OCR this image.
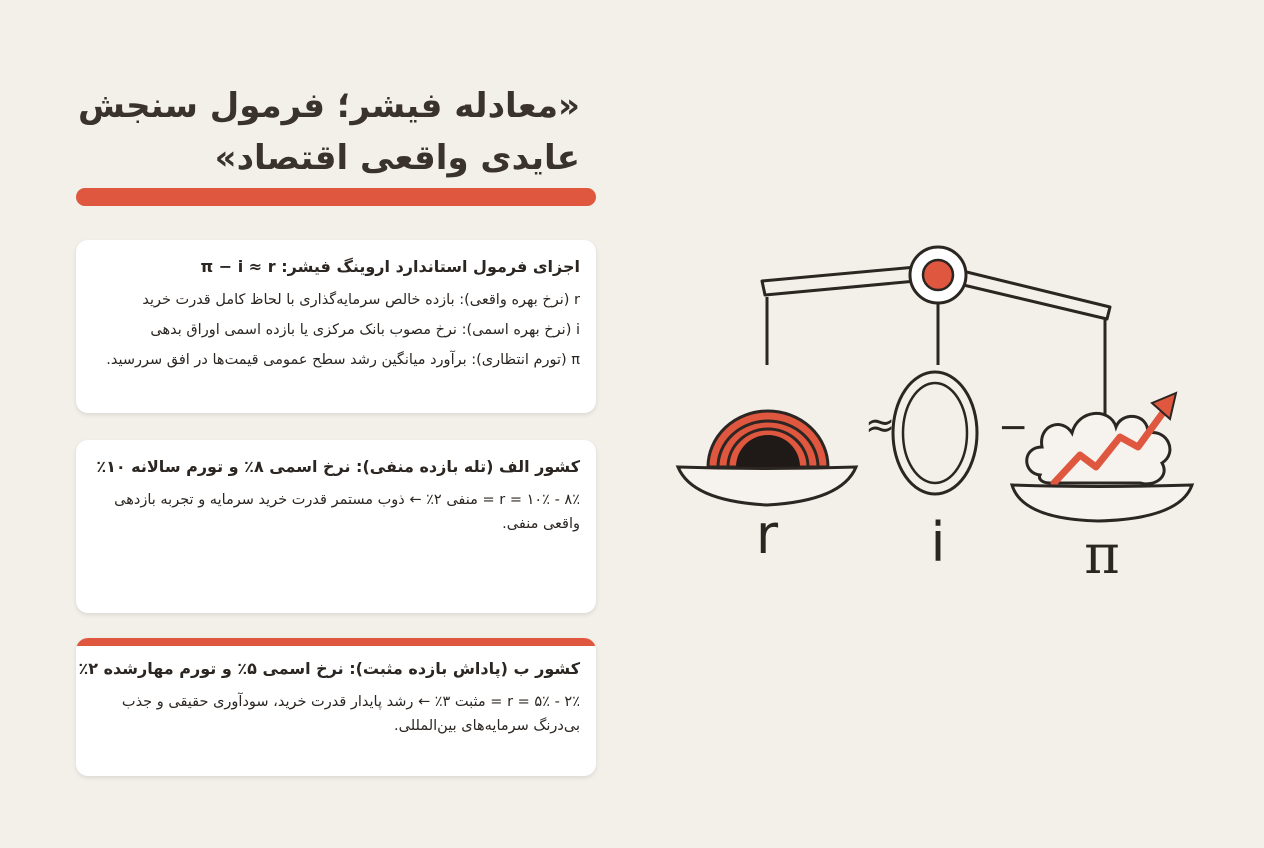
«معادله فیشر؛ فرمول سنجش
عایدی واقعی اقتصاد»
اجزای فرمول استاندارد اروینگ فیشر: π − i ≈ r
r (نرخ بهره واقعی): بازده خالص سرمایه‌گذاری با لحاظ کامل قدرت خرید
i (نرخ بهره اسمی): نرخ مصوب بانک مرکزی یا بازده اسمی اوراق بدهی
π (تورم انتظاری): برآورد میانگین رشد سطح عمومی قیمت‌ها در افق سررسید.
کشور الف (تله بازده منفی): نرخ اسمی ۸٪ و تورم سالانه ۱۰٪
r = ۱۰٪ - ۸٪ = منفی ۲٪ ← ذوب مستمر قدرت خرید سرمایه و تجربه بازدهی واقعی منفی.
کشور ب (پاداش بازده مثبت): نرخ اسمی ۵٪ و تورم مهارشده ۲٪
r = ۵٪ - ۲٪ = مثبت ۳٪ ← رشد پایدار قدرت خرید، سودآوری حقیقی و جذب بی‌درنگ سرمایه‌های بین‌المللی.
≈	−
r	i	π
